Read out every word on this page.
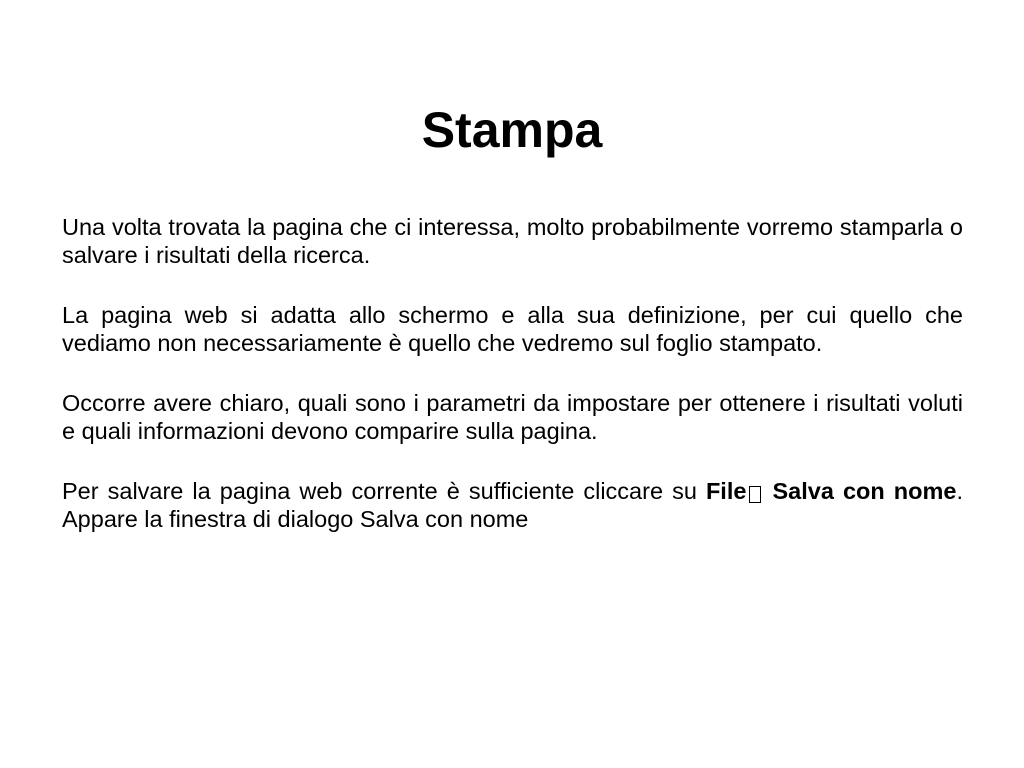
Stampa

Una volta trovata la pagina che ci interessa, molto probabilmente vorremo stamparla o salvare i risultati della ricerca.

La pagina web si adatta allo schermo e alla sua definizione, per cui quello che vediamo non necessariamente è quello che vedremo sul foglio stampato.

Occorre avere chiaro, quali sono i parametri da impostare per ottenere i risultati voluti e quali informazioni devono comparire sulla pagina.

Per salvare la pagina web corrente è sufficiente cliccare su File Salva con nome. Appare la finestra di dialogo Salva con nome
